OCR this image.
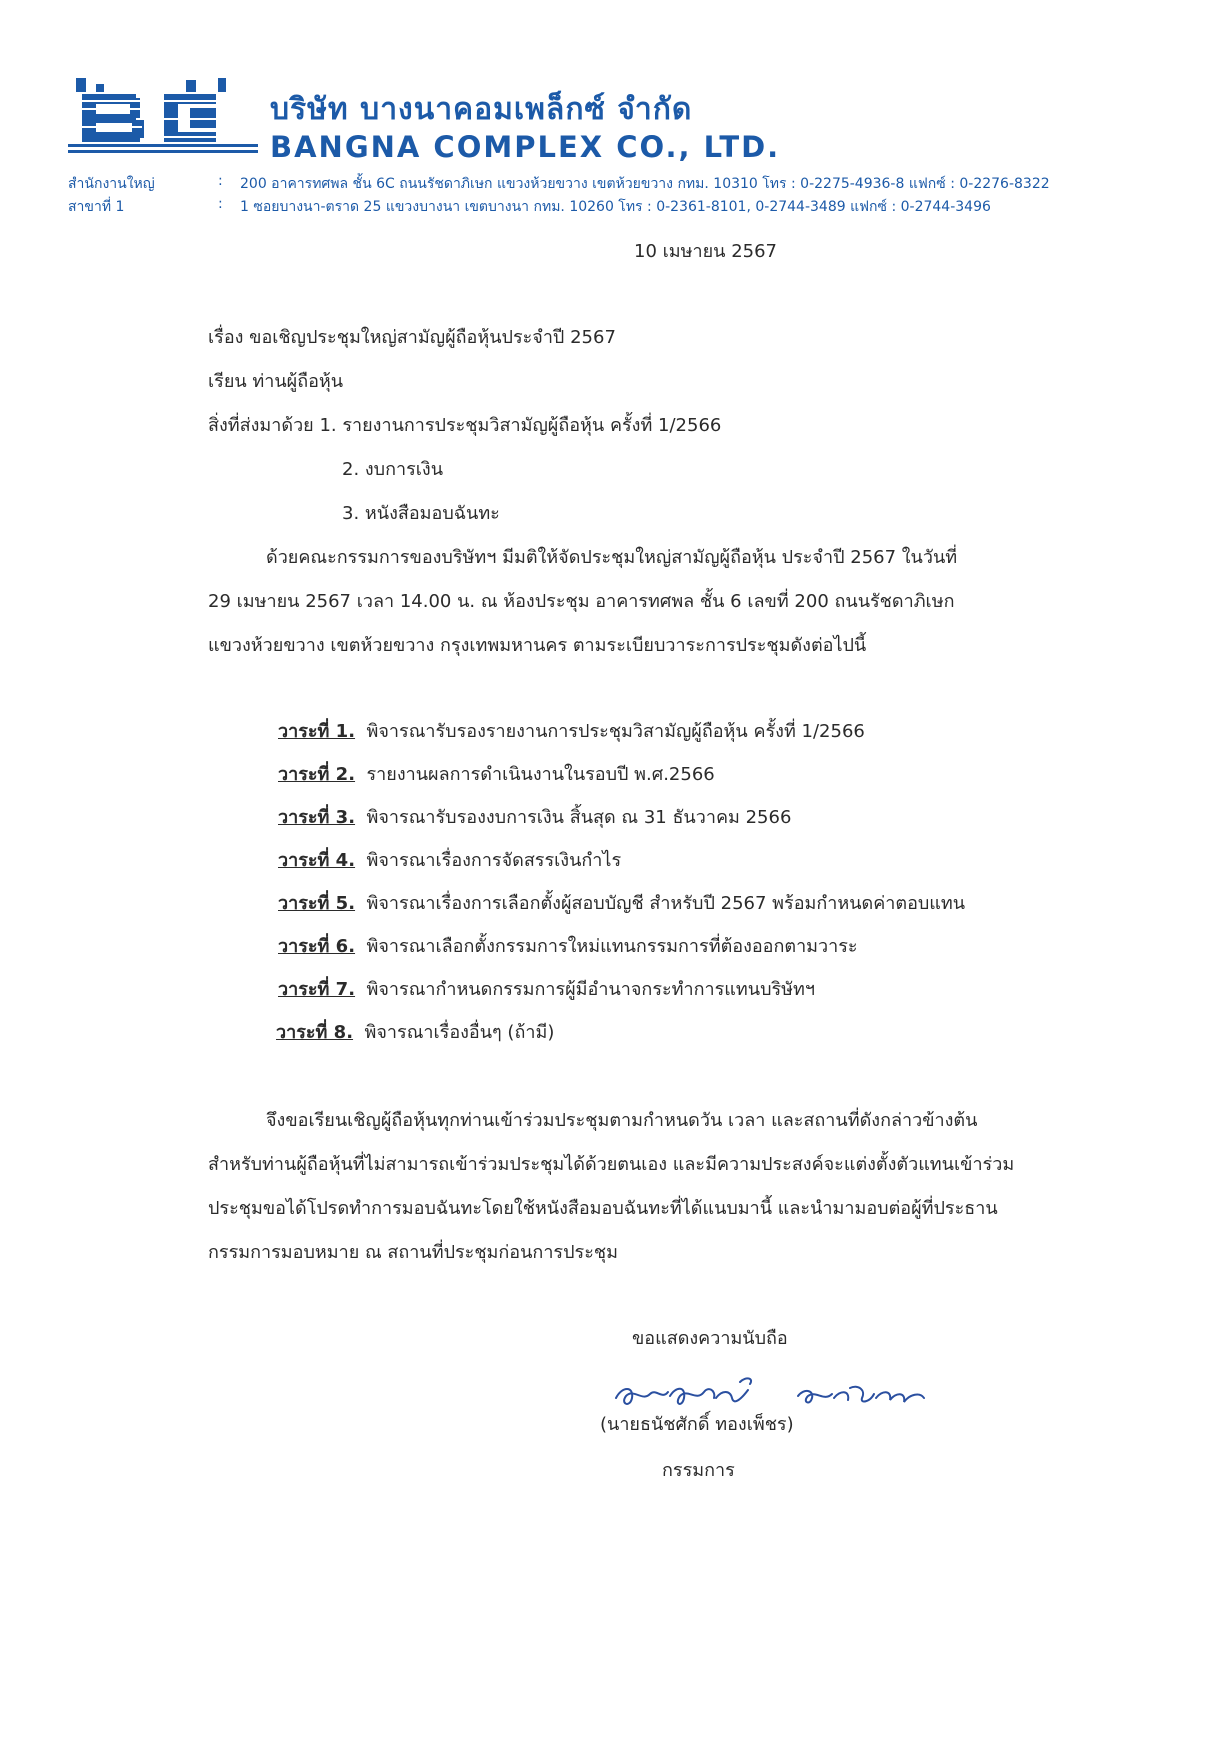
บริษัท บางนาคอมเพล็กซ์ จำกัด
BANGNA COMPLEX CO., LTD.
สำนักงานใหญ่	: 200 อาคารทศพล ชั้น 6C ถนนรัชดาภิเษก แขวงห้วยขวาง เขตห้วยขวาง กทม. 10310 โทร : 0-2275-4936-8 แฟกซ์ : 0-2276-8322
สาขาที่ 1	: 1 ซอยบางนา-ตราด 25 แขวงบางนา เขตบางนา กทม. 10260 โทร : 0-2361-8101, 0-2744-3489 แฟกซ์ : 0-2744-3496
10 เมษายน 2567
เรื่อง ขอเชิญประชุมใหญ่สามัญผู้ถือหุ้นประจำปี 2567
เรียน ท่านผู้ถือหุ้น
สิ่งที่ส่งมาด้วย 1. รายงานการประชุมวิสามัญผู้ถือหุ้น ครั้งที่ 1/2566
2. งบการเงิน
3. หนังสือมอบฉันทะ
ด้วยคณะกรรมการของบริษัทฯ มีมติให้จัดประชุมใหญ่สามัญผู้ถือหุ้น ประจำปี 2567 ในวันที่
29 เมษายน 2567 เวลา 14.00 น. ณ ห้องประชุม อาคารทศพล ชั้น 6 เลขที่ 200 ถนนรัชดาภิเษก
แขวงห้วยขวาง เขตห้วยขวาง กรุงเทพมหานคร ตามระเบียบวาระการประชุมดังต่อไปนี้
วาระที่ 1. พิจารณารับรองรายงานการประชุมวิสามัญผู้ถือหุ้น ครั้งที่ 1/2566
วาระที่ 2. รายงานผลการดำเนินงานในรอบปี พ.ศ.2566
วาระที่ 3. พิจารณารับรองงบการเงิน สิ้นสุด ณ 31 ธันวาคม 2566
วาระที่ 4. พิจารณาเรื่องการจัดสรรเงินกำไร
วาระที่ 5. พิจารณาเรื่องการเลือกตั้งผู้สอบบัญชี สำหรับปี 2567 พร้อมกำหนดค่าตอบแทน
วาระที่ 6. พิจารณาเลือกตั้งกรรมการใหม่แทนกรรมการที่ต้องออกตามวาระ
วาระที่ 7. พิจารณากำหนดกรรมการผู้มีอำนาจกระทำการแทนบริษัทฯ
วาระที่ 8. พิจารณาเรื่องอื่นๆ (ถ้ามี)
จึงขอเรียนเชิญผู้ถือหุ้นทุกท่านเข้าร่วมประชุมตามกำหนดวัน เวลา และสถานที่ดังกล่าวข้างต้น
สำหรับท่านผู้ถือหุ้นที่ไม่สามารถเข้าร่วมประชุมได้ด้วยตนเอง และมีความประสงค์จะแต่งตั้งตัวแทนเข้าร่วม
ประชุมขอได้โปรดทำการมอบฉันทะโดยใช้หนังสือมอบฉันทะที่ได้แนบมานี้ และนำมามอบต่อผู้ที่ประธาน
กรรมการมอบหมาย ณ สถานที่ประชุมก่อนการประชุม
ขอแสดงความนับถือ
(นายธนัชศักดิ์ ทองเพ็ชร)
กรรมการ
